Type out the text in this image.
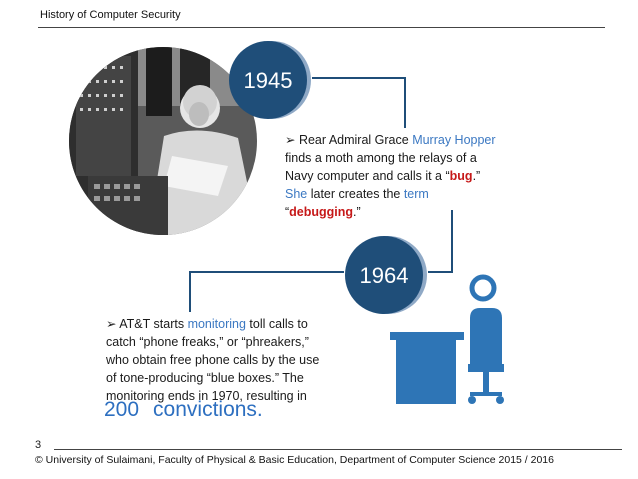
History of Computer Security
1945
1964
➢ Rear Admiral Grace Murray Hopper
finds a moth among the relays of a
Navy computer and calls it a “bug.”
She later creates the term
“debugging.”
➢ AT&T starts monitoring toll calls to
catch “phone freaks,” or “phreakers,”
who obtain free phone calls by the use
of tone-producing “blue boxes.” The
monitoring ends in 1970, resulting in
200 convictions.
3
© University of Sulaimani, Faculty of Physical & Basic Education, Department of Computer Science 2015 / 2016
